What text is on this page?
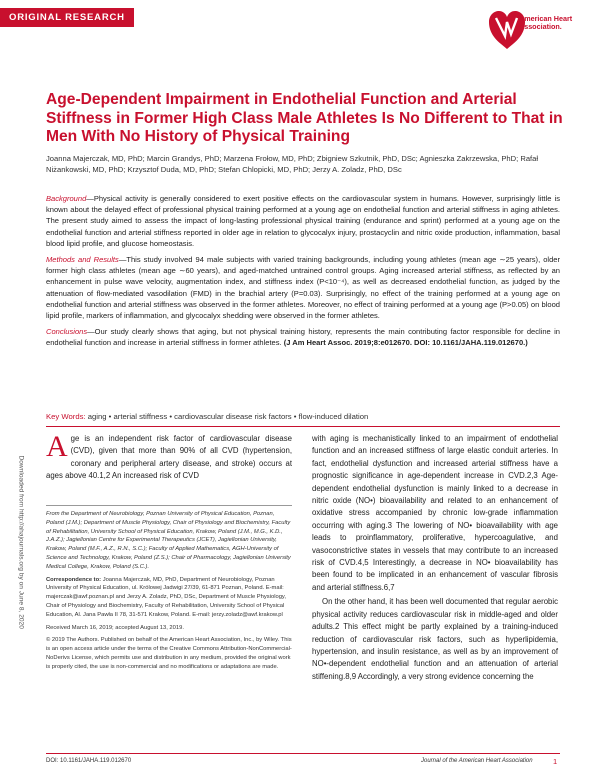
ORIGINAL RESEARCH	American Heart Association.
Age-Dependent Impairment in Endothelial Function and Arterial Stiffness in Former High Class Male Athletes Is No Different to That in Men With No History of Physical Training
Joanna Majerczak, MD, PhD; Marcin Grandys, PhD; Marzena Frołow, MD, PhD; Zbigniew Szkutnik, PhD, DSc; Agnieszka Zakrzewska, PhD; Rafał Niżankowski, MD, PhD; Krzysztof Duda, MD, PhD; Stefan Chlopicki, MD, PhD; Jerzy A. Zoladz, PhD, DSc

Background—Physical activity is generally considered to exert positive effects on the cardiovascular system in humans. However, surprisingly little is known about the delayed effect of professional physical training performed at a young age on endothelial function and arterial stiffness in aging athletes. The present study aimed to assess the impact of long-lasting professional physical training (endurance and sprint) performed at a young age on the endothelial function and arterial stiffness reported in older age in relation to glycocalyx injury, prostacyclin and nitric oxide production, inflammation, basal blood lipid profile, and glucose homeostasis.

Methods and Results—This study involved 94 male subjects with varied training backgrounds, including young athletes (mean age ∼25 years), older former high class athletes (mean age ∼60 years), and aged-matched untrained control groups. Aging increased arterial stiffness, as reflected by an enhancement in pulse wave velocity, augmentation index, and stiffness index (P<10⁻⁴), as well as decreased endothelial function, as judged by the attenuation of flow-mediated vasodilation (FMD) in the brachial artery (P=0.03). Surprisingly, no effect of the training performed at a young age on endothelial function and arterial stiffness was observed in the former athletes. Moreover, no effect of training performed at a young age (P>0.05) on blood lipid profile, markers of inflammation, and glycocalyx shedding were observed in the former athletes.

Conclusions—Our study clearly shows that aging, but not physical training history, represents the main contributing factor responsible for decline in endothelial function and increase in arterial stiffness in former athletes. (J Am Heart Assoc. 2019;8:e012670. DOI: 10.1161/JAHA.119.012670.)

Key Words: aging • arterial stiffness • cardiovascular disease risk factors • flow-induced dilation
Downloaded from http://ahajournals.org by on June 8, 2020
Age is an independent risk factor of cardiovascular disease (CVD), given that more than 90% of all CVD (hypertension, coronary and peripheral artery disease, and stroke) occurs at ages above 40.1,2 An increased risk of CVD

From the Department of Neurobiology, Poznan University of Physical Education, Poznan, Poland (J.M.); Department of Muscle Physiology, Chair of Physiology and Biochemistry, Faculty of Rehabilitation, University School of Physical Education, Krakow, Poland (J.M., M.G., K.D., J.A.Z.); Jagiellonian Centre for Experimental Therapeutics (JCET), Jagiellonian University, Krakow, Poland (M.F., A.Z., R.N., S.C.); Faculty of Applied Mathematics, AGH-University of Science and Technology, Krakow, Poland (Z.S.); Chair of Pharmacology, Jagiellonian University Medical College, Krakow, Poland (S.C.).

Correspondence to: Joanna Majerczak, MD, PhD, Department of Neurobiology, Poznan University of Physical Education, ul. Królowej Jadwigi 27/39, 61-871 Poznan, Poland. E-mail: majerczak@awf.poznan.pl and Jerzy A. Zoladz, PhD, DSc, Department of Muscle Physiology, Chair of Physiology and Biochemistry, Faculty of Rehabilitation, University School of Physical Education, Al. Jana Pawła II 78, 31-571 Krakow, Poland. E-mail: jerzy.zoladz@awf.krakow.pl

Received March 16, 2019; accepted August 13, 2019.

© 2019 The Authors. Published on behalf of the American Heart Association, Inc., by Wiley. This is an open access article under the terms of the Creative Commons Attribution-NonCommercial-NoDerivs License, which permits use and distribution in any medium, provided the original work is properly cited, the use is non-commercial and no modifications or adaptations are made.

with aging is mechanistically linked to an impairment of endothelial function and an increased stiffness of large elastic conduit arteries. In fact, endothelial dysfunction and increased arterial stiffness have a prognostic significance in age-dependent increase in CVD.2,3 Age-dependent endothelial dysfunction is mainly linked to a decrease in nitric oxide (NO•) bioavailability and related to an enhancement of oxidative stress accompanied by chronic low-grade inflammation occurring with aging.3 The lowering of NO• bioavailability with age leads to proinflammatory, proliferative, hypercoagulative, and vasoconstrictive states in vessels that may contribute to an increased risk of CVD.4,5 Interestingly, a decrease in NO• bioavailability has been found to be implicated in an enhancement of vascular fibrosis and arterial stiffness.6,7

On the other hand, it has been well documented that regular aerobic physical activity reduces cardiovascular risk in middle-aged and older adults.2 This effect might be partly explained by a training-induced reduction of cardiovascular risk factors, such as hyperlipidemia, hypertension, and insulin resistance, as well as by an improvement of NO•-dependent endothelial function and an attenuation of arterial stiffening.8,9 Accordingly, a very strong evidence concerning the

DOI: 10.1161/JAHA.119.012670	Journal of the American Heart Association	1
